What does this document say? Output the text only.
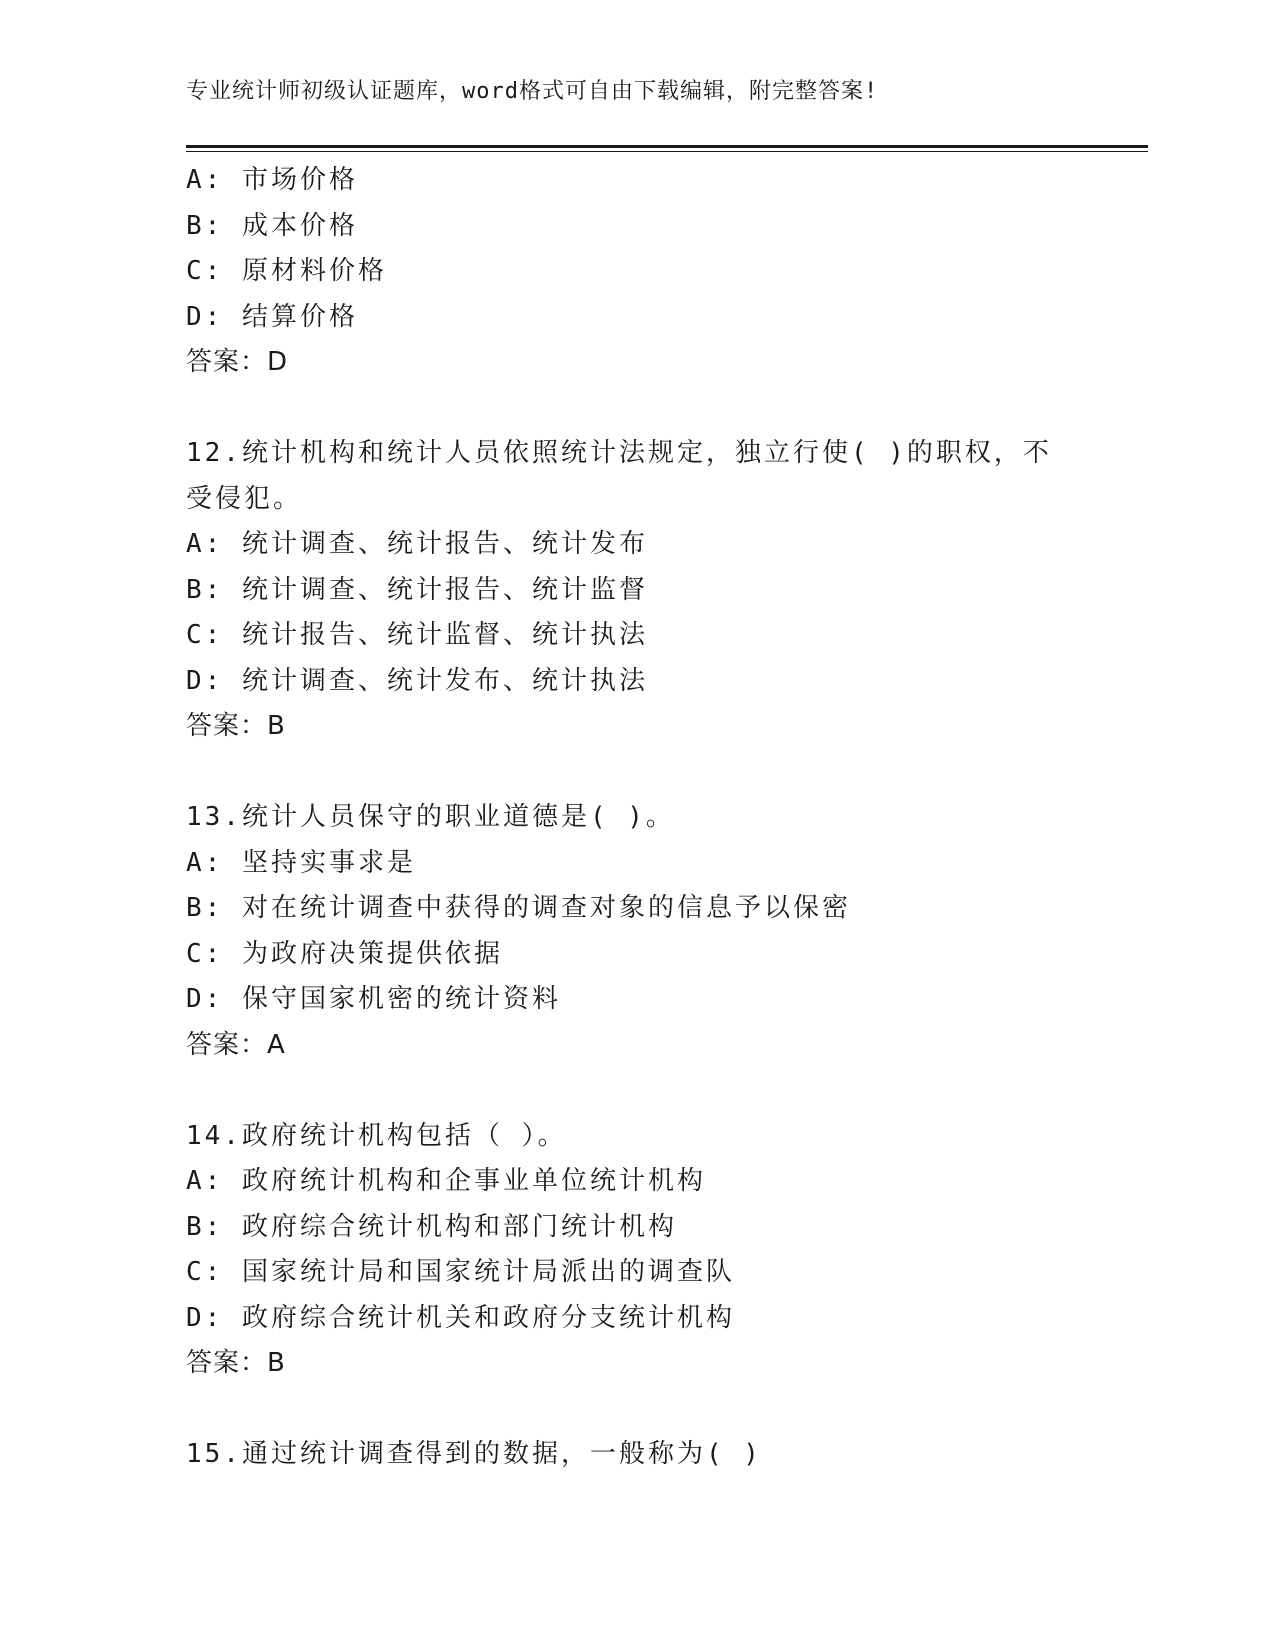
专业统计师初级认证题库，word格式可自由下载编辑，附完整答案!
A: 市场价格
B: 成本价格
C: 原材料价格
D: 结算价格
答案：D
12.统计机构和统计人员依照统计法规定，独立行使( )的职权，不
受侵犯。
A: 统计调查、统计报告、统计发布
B: 统计调查、统计报告、统计监督
C: 统计报告、统计监督、统计执法
D: 统计调查、统计发布、统计执法
答案：B
13.统计人员保守的职业道德是( )。
A: 坚持实事求是
B: 对在统计调查中获得的调查对象的信息予以保密
C: 为政府决策提供依据
D: 保守国家机密的统计资料
答案：A
14.政府统计机构包括（ ）。
A: 政府统计机构和企事业单位统计机构
B: 政府综合统计机构和部门统计机构
C: 国家统计局和国家统计局派出的调查队
D: 政府综合统计机关和政府分支统计机构
答案：B
15.通过统计调查得到的数据，一般称为( )
